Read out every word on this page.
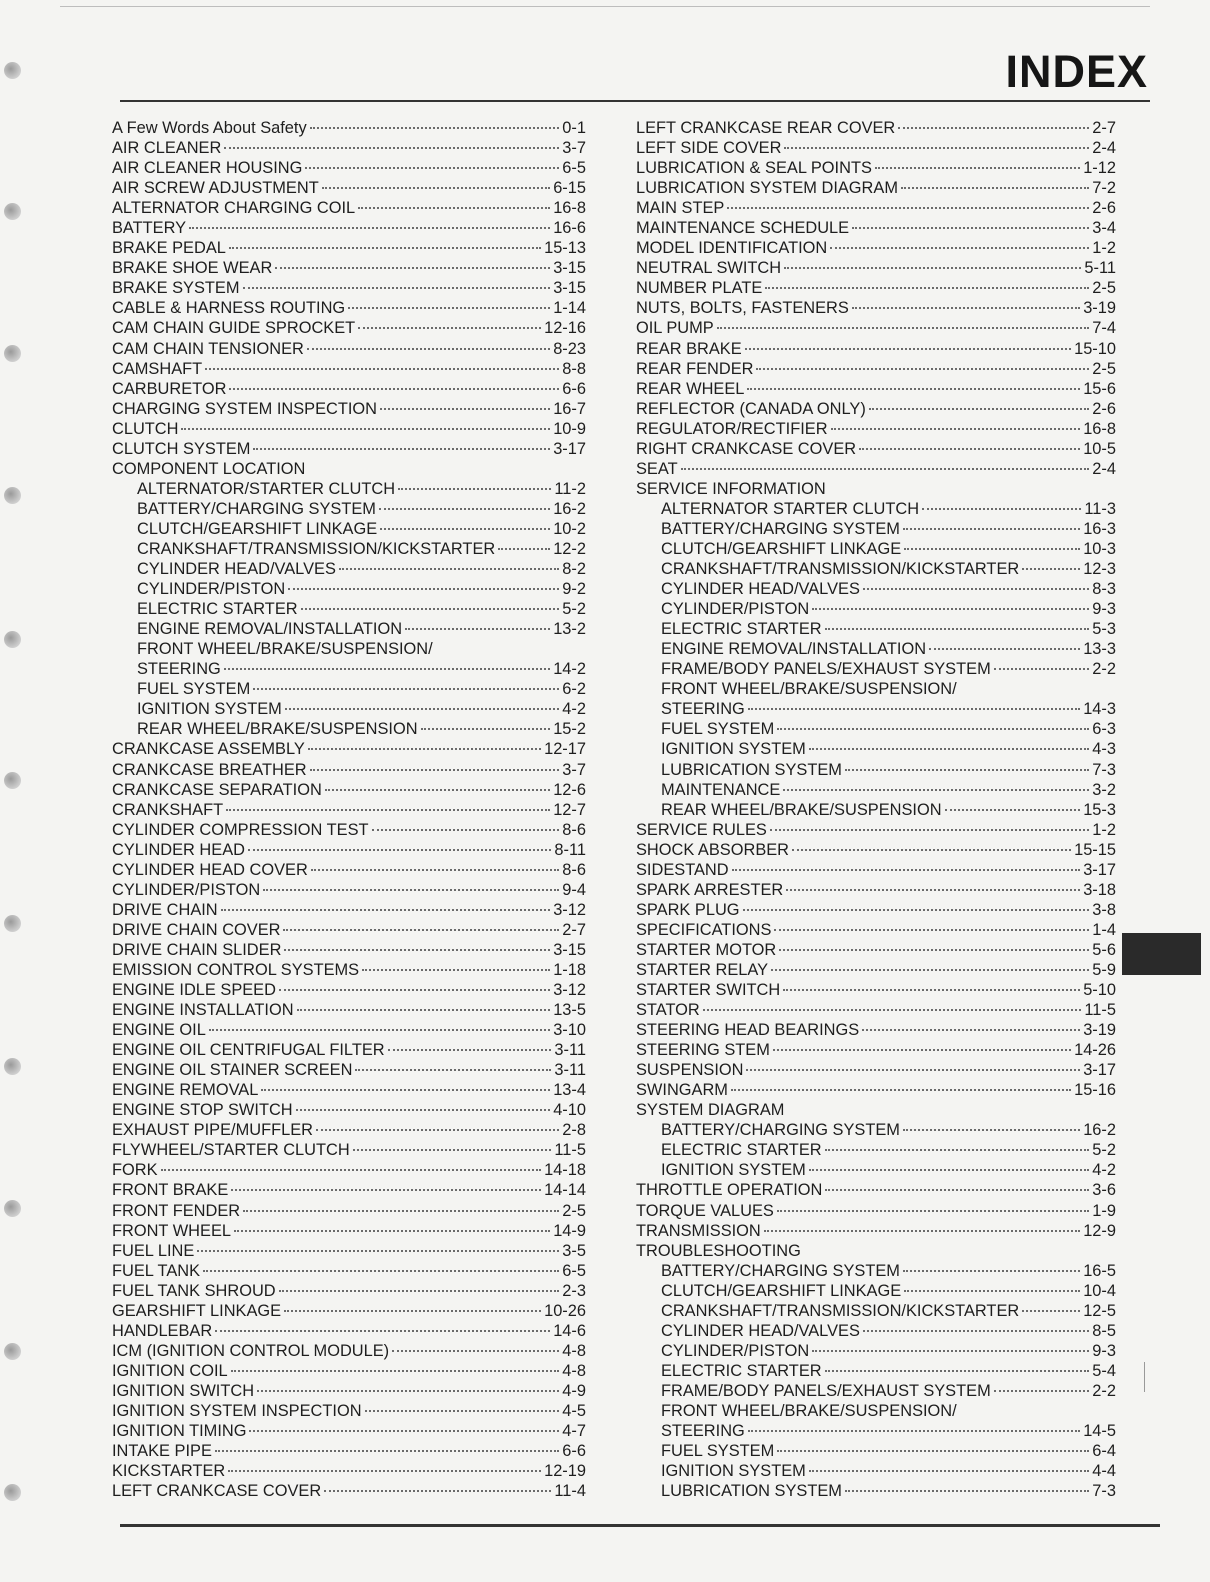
INDEX
A Few Words About Safety	0-1
AIR CLEANER	3-7
AIR CLEANER HOUSING	6-5
AIR SCREW ADJUSTMENT	6-15
ALTERNATOR CHARGING COIL	16-8
BATTERY	16-6
BRAKE PEDAL	15-13
BRAKE SHOE WEAR	3-15
BRAKE SYSTEM	3-15
CABLE & HARNESS ROUTING	1-14
CAM CHAIN GUIDE SPROCKET	12-16
CAM CHAIN TENSIONER	8-23
CAMSHAFT	8-8
CARBURETOR	6-6
CHARGING SYSTEM INSPECTION	16-7
CLUTCH	10-9
CLUTCH SYSTEM	3-17
COMPONENT LOCATION
ALTERNATOR/STARTER CLUTCH	11-2
BATTERY/CHARGING SYSTEM	16-2
CLUTCH/GEARSHIFT LINKAGE	10-2
CRANKSHAFT/TRANSMISSION/KICKSTARTER	12-2
CYLINDER HEAD/VALVES	8-2
CYLINDER/PISTON	9-2
ELECTRIC STARTER	5-2
ENGINE REMOVAL/INSTALLATION	13-2
FRONT WHEEL/BRAKE/SUSPENSION/
STEERING	14-2
FUEL SYSTEM	6-2
IGNITION SYSTEM	4-2
REAR WHEEL/BRAKE/SUSPENSION	15-2
CRANKCASE ASSEMBLY	12-17
CRANKCASE BREATHER	3-7
CRANKCASE SEPARATION	12-6
CRANKSHAFT	12-7
CYLINDER COMPRESSION TEST	8-6
CYLINDER HEAD	8-11
CYLINDER HEAD COVER	8-6
CYLINDER/PISTON	9-4
DRIVE CHAIN	3-12
DRIVE CHAIN COVER	2-7
DRIVE CHAIN SLIDER	3-15
EMISSION CONTROL SYSTEMS	1-18
ENGINE IDLE SPEED	3-12
ENGINE INSTALLATION	13-5
ENGINE OIL	3-10
ENGINE OIL CENTRIFUGAL FILTER	3-11
ENGINE OIL STAINER SCREEN	3-11
ENGINE REMOVAL	13-4
ENGINE STOP SWITCH	4-10
EXHAUST PIPE/MUFFLER	2-8
FLYWHEEL/STARTER CLUTCH	11-5
FORK	14-18
FRONT BRAKE	14-14
FRONT FENDER	2-5
FRONT WHEEL	14-9
FUEL LINE	3-5
FUEL TANK	6-5
FUEL TANK SHROUD	2-3
GEARSHIFT LINKAGE	10-26
HANDLEBAR	14-6
ICM (IGNITION CONTROL MODULE)	4-8
IGNITION COIL	4-8
IGNITION SWITCH	4-9
IGNITION SYSTEM INSPECTION	4-5
IGNITION TIMING	4-7
INTAKE PIPE	6-6
KICKSTARTER	12-19
LEFT CRANKCASE COVER	11-4
LEFT CRANKCASE REAR COVER	2-7
LEFT SIDE COVER	2-4
LUBRICATION & SEAL POINTS	1-12
LUBRICATION SYSTEM DIAGRAM	7-2
MAIN STEP	2-6
MAINTENANCE SCHEDULE	3-4
MODEL IDENTIFICATION	1-2
NEUTRAL SWITCH	5-11
NUMBER PLATE	2-5
NUTS, BOLTS, FASTENERS	3-19
OIL PUMP	7-4
REAR BRAKE	15-10
REAR FENDER	2-5
REAR WHEEL	15-6
REFLECTOR (CANADA ONLY)	2-6
REGULATOR/RECTIFIER	16-8
RIGHT CRANKCASE COVER	10-5
SEAT	2-4
SERVICE INFORMATION
ALTERNATOR STARTER CLUTCH	11-3
BATTERY/CHARGING SYSTEM	16-3
CLUTCH/GEARSHIFT LINKAGE	10-3
CRANKSHAFT/TRANSMISSION/KICKSTARTER	12-3
CYLINDER HEAD/VALVES	8-3
CYLINDER/PISTON	9-3
ELECTRIC STARTER	5-3
ENGINE REMOVAL/INSTALLATION	13-3
FRAME/BODY PANELS/EXHAUST SYSTEM	2-2
FRONT WHEEL/BRAKE/SUSPENSION/
STEERING	14-3
FUEL SYSTEM	6-3
IGNITION SYSTEM	4-3
LUBRICATION SYSTEM	7-3
MAINTENANCE	3-2
REAR WHEEL/BRAKE/SUSPENSION	15-3
SERVICE RULES	1-2
SHOCK ABSORBER	15-15
SIDESTAND	3-17
SPARK ARRESTER	3-18
SPARK PLUG	3-8
SPECIFICATIONS	1-4
STARTER MOTOR	5-6
STARTER RELAY	5-9
STARTER SWITCH	5-10
STATOR	11-5
STEERING HEAD BEARINGS	3-19
STEERING STEM	14-26
SUSPENSION	3-17
SWINGARM	15-16
SYSTEM DIAGRAM
BATTERY/CHARGING SYSTEM	16-2
ELECTRIC STARTER	5-2
IGNITION SYSTEM	4-2
THROTTLE OPERATION	3-6
TORQUE VALUES	1-9
TRANSMISSION	12-9
TROUBLESHOOTING
BATTERY/CHARGING SYSTEM	16-5
CLUTCH/GEARSHIFT LINKAGE	10-4
CRANKSHAFT/TRANSMISSION/KICKSTARTER	12-5
CYLINDER HEAD/VALVES	8-5
CYLINDER/PISTON	9-3
ELECTRIC STARTER	5-4
FRAME/BODY PANELS/EXHAUST SYSTEM	2-2
FRONT WHEEL/BRAKE/SUSPENSION/
STEERING	14-5
FUEL SYSTEM	6-4
IGNITION SYSTEM	4-4
LUBRICATION SYSTEM	7-3
